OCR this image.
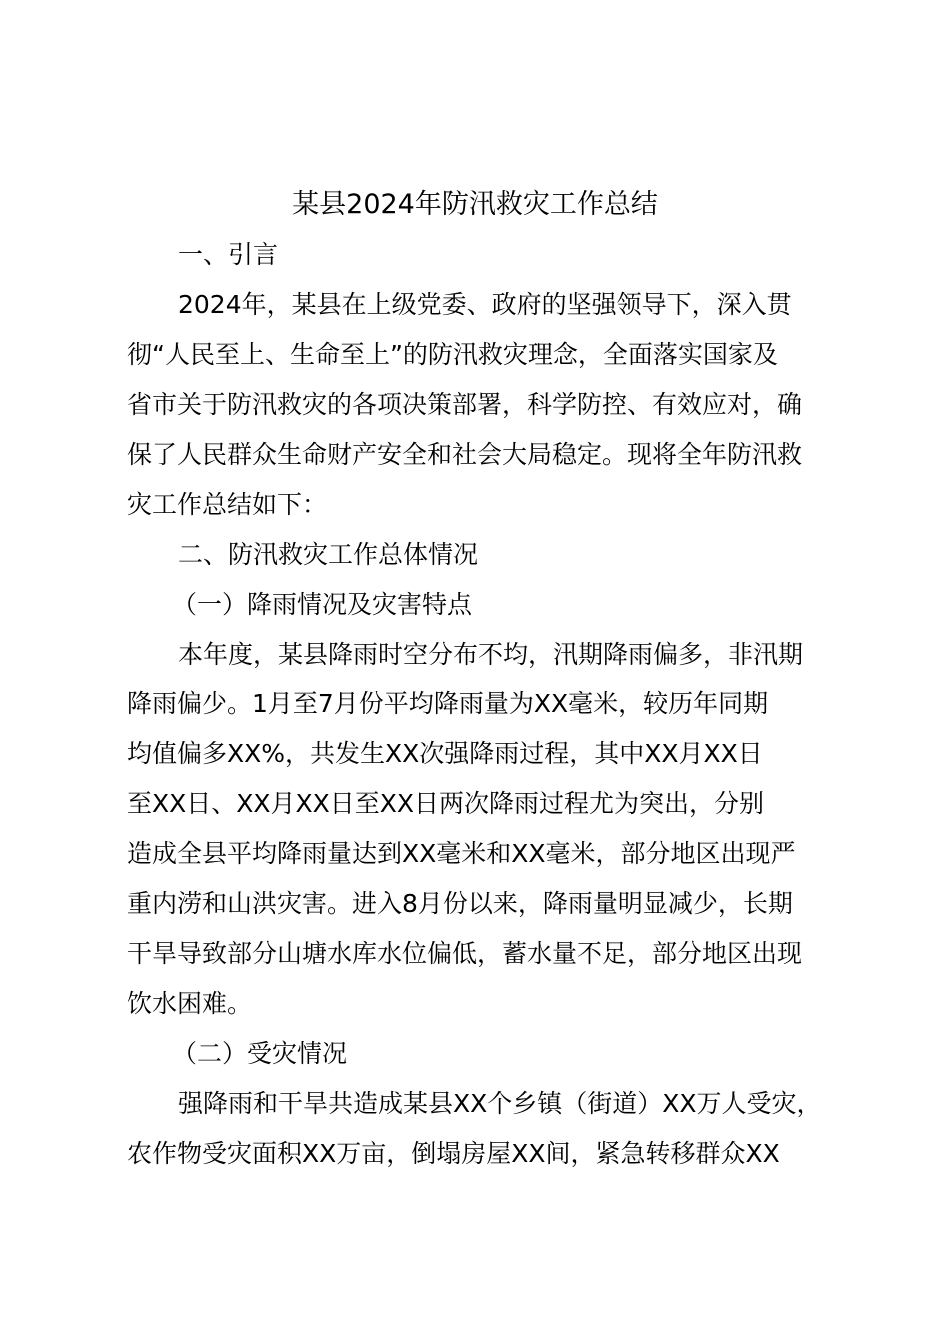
某县2024年防汛救灾工作总结
一、引言
2024年，某县在上级党委、政府的坚强领导下，深入贯
彻“人民至上、生命至上”的防汛救灾理念，全面落实国家及
省市关于防汛救灾的各项决策部署，科学防控、有效应对，确
保了人民群众生命财产安全和社会大局稳定。现将全年防汛救
灾工作总结如下：
二、防汛救灾工作总体情况
（一）降雨情况及灾害特点
本年度，某县降雨时空分布不均，汛期降雨偏多，非汛期
降雨偏少。1月至7月份平均降雨量为XX毫米，较历年同期
均值偏多XX%，共发生XX次强降雨过程，其中XX月XX日
至XX日、XX月XX日至XX日两次降雨过程尤为突出，分别
造成全县平均降雨量达到XX毫米和XX毫米，部分地区出现严
重内涝和山洪灾害。进入8月份以来，降雨量明显减少，长期
干旱导致部分山塘水库水位偏低，蓄水量不足，部分地区出现
饮水困难。
（二）受灾情况
强降雨和干旱共造成某县XX个乡镇（街道）XX万人受灾，
农作物受灾面积XX万亩，倒塌房屋XX间，紧急转移群众XX
